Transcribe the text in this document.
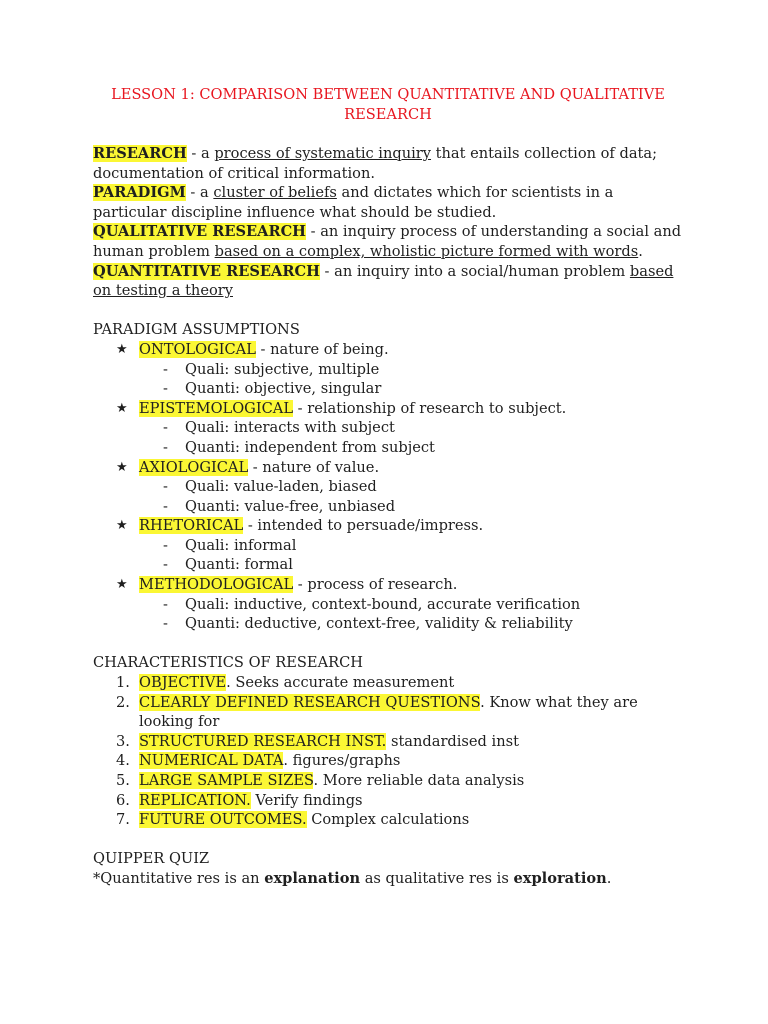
LESSON 1: COMPARISON BETWEEN QUANTITATIVE AND QUALITATIVE
RESEARCH

RESEARCH - a process of systematic inquiry that entails collection of data; documentation of critical information.

PARADIGM - a cluster of beliefs and dictates which for scientists in a particular discipline influence what should be studied.

QUALITATIVE RESEARCH - an inquiry process of understanding a social and human problem based on a complex, wholistic picture formed with words.

QUANTITATIVE RESEARCH - an inquiry into a social/human problem based on testing a theory

PARADIGM ASSUMPTIONS
★ ONTOLOGICAL - nature of being.
- Quali: subjective, multiple
- Quanti: objective, singular
★ EPISTEMOLOGICAL - relationship of research to subject.
- Quali: interacts with subject
- Quanti: independent from subject
★ AXIOLOGICAL - nature of value.
- Quali: value-laden, biased
- Quanti: value-free, unbiased
★ RHETORICAL - intended to persuade/impress.
- Quali: informal
- Quanti: formal
★ METHODOLOGICAL - process of research.
- Quali: inductive, context-bound, accurate verification
- Quanti: deductive, context-free, validity & reliability
CHARACTERISTICS OF RESEARCH
1. OBJECTIVE. Seeks accurate measurement
2. CLEARLY DEFINED RESEARCH QUESTIONS. Know what they are looking for
3. STRUCTURED RESEARCH INST. standardised inst
4. NUMERICAL DATA. figures/graphs
5. LARGE SAMPLE SIZES. More reliable data analysis
6. REPLICATION. Verify findings
7. FUTURE OUTCOMES. Complex calculations
QUIPPER QUIZ
*Quantitative res is an explanation as qualitative res is exploration.
